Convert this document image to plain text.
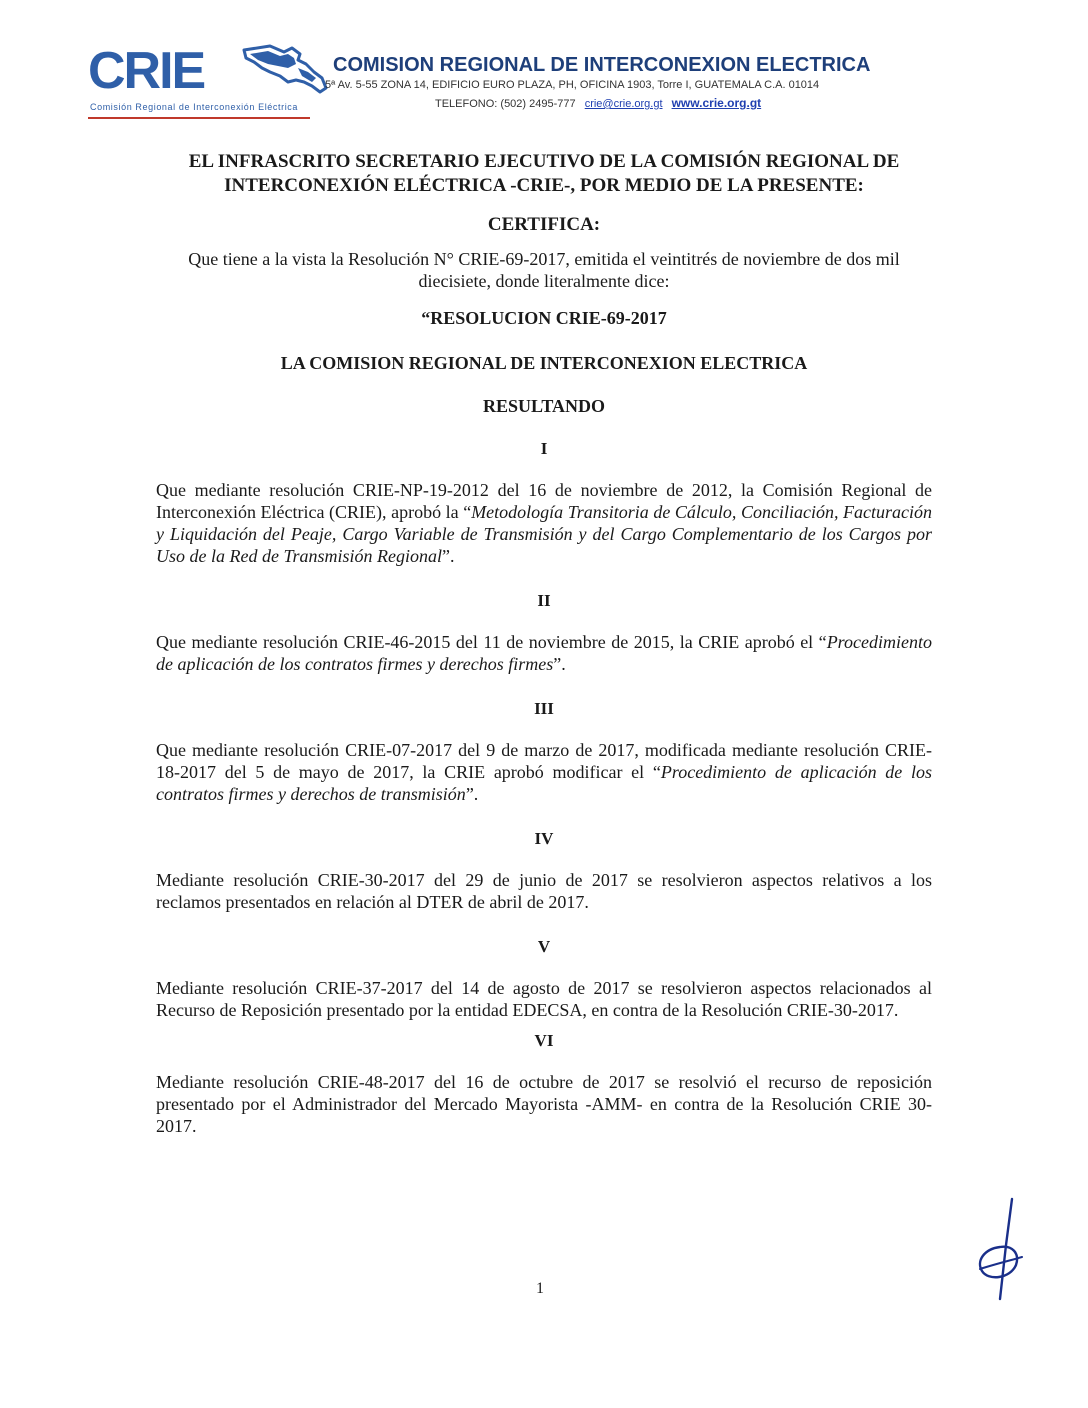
CRIE
Comisión Regional de Interconexión Eléctrica
COMISION REGIONAL DE INTERCONEXION ELECTRICA
5ª Av. 5-55 ZONA 14, EDIFICIO EURO PLAZA, PH, OFICINA 1903, Torre I, GUATEMALA C.A. 01014
TELEFONO: (502) 2495-777 crie@crie.org.gt www.crie.org.gt
EL INFRASCRITO SECRETARIO EJECUTIVO DE LA COMISIÓN REGIONAL DE INTERCONEXIÓN ELÉCTRICA -CRIE-, POR MEDIO DE LA PRESENTE:
CERTIFICA:
Que tiene a la vista la Resolución N° CRIE-69-2017, emitida el veintitrés de noviembre de dos mil diecisiete, donde literalmente dice:
“RESOLUCION CRIE-69-2017
LA COMISION REGIONAL DE INTERCONEXION ELECTRICA
RESULTANDO
I

Que mediante resolución CRIE-NP-19-2012 del 16 de noviembre de 2012, la Comisión Regional de Interconexión Eléctrica (CRIE), aprobó la “Metodología Transitoria de Cálculo, Conciliación, Facturación y Liquidación del Peaje, Cargo Variable de Transmisión y del Cargo Complementario de los Cargos por Uso de la Red de Transmisión Regional”.

II

Que mediante resolución CRIE-46-2015 del 11 de noviembre de 2015, la CRIE aprobó el “Procedimiento de aplicación de los contratos firmes y derechos firmes”.

III

Que mediante resolución CRIE-07-2017 del 9 de marzo de 2017, modificada mediante resolución CRIE-18-2017 del 5 de mayo de 2017, la CRIE aprobó modificar el “Procedimiento de aplicación de los contratos firmes y derechos de transmisión”.

IV

Mediante resolución CRIE-30-2017 del 29 de junio de 2017 se resolvieron aspectos relativos a los reclamos presentados en relación al DTER de abril de 2017.

V

Mediante resolución CRIE-37-2017 del 14 de agosto de 2017 se resolvieron aspectos relacionados al Recurso de Reposición presentado por la entidad EDECSA, en contra de la Resolución CRIE-30-2017.

VI

Mediante resolución CRIE-48-2017 del 16 de octubre de 2017 se resolvió el recurso de reposición presentado por el Administrador del Mercado Mayorista -AMM- en contra de la Resolución CRIE 30-2017.

1
